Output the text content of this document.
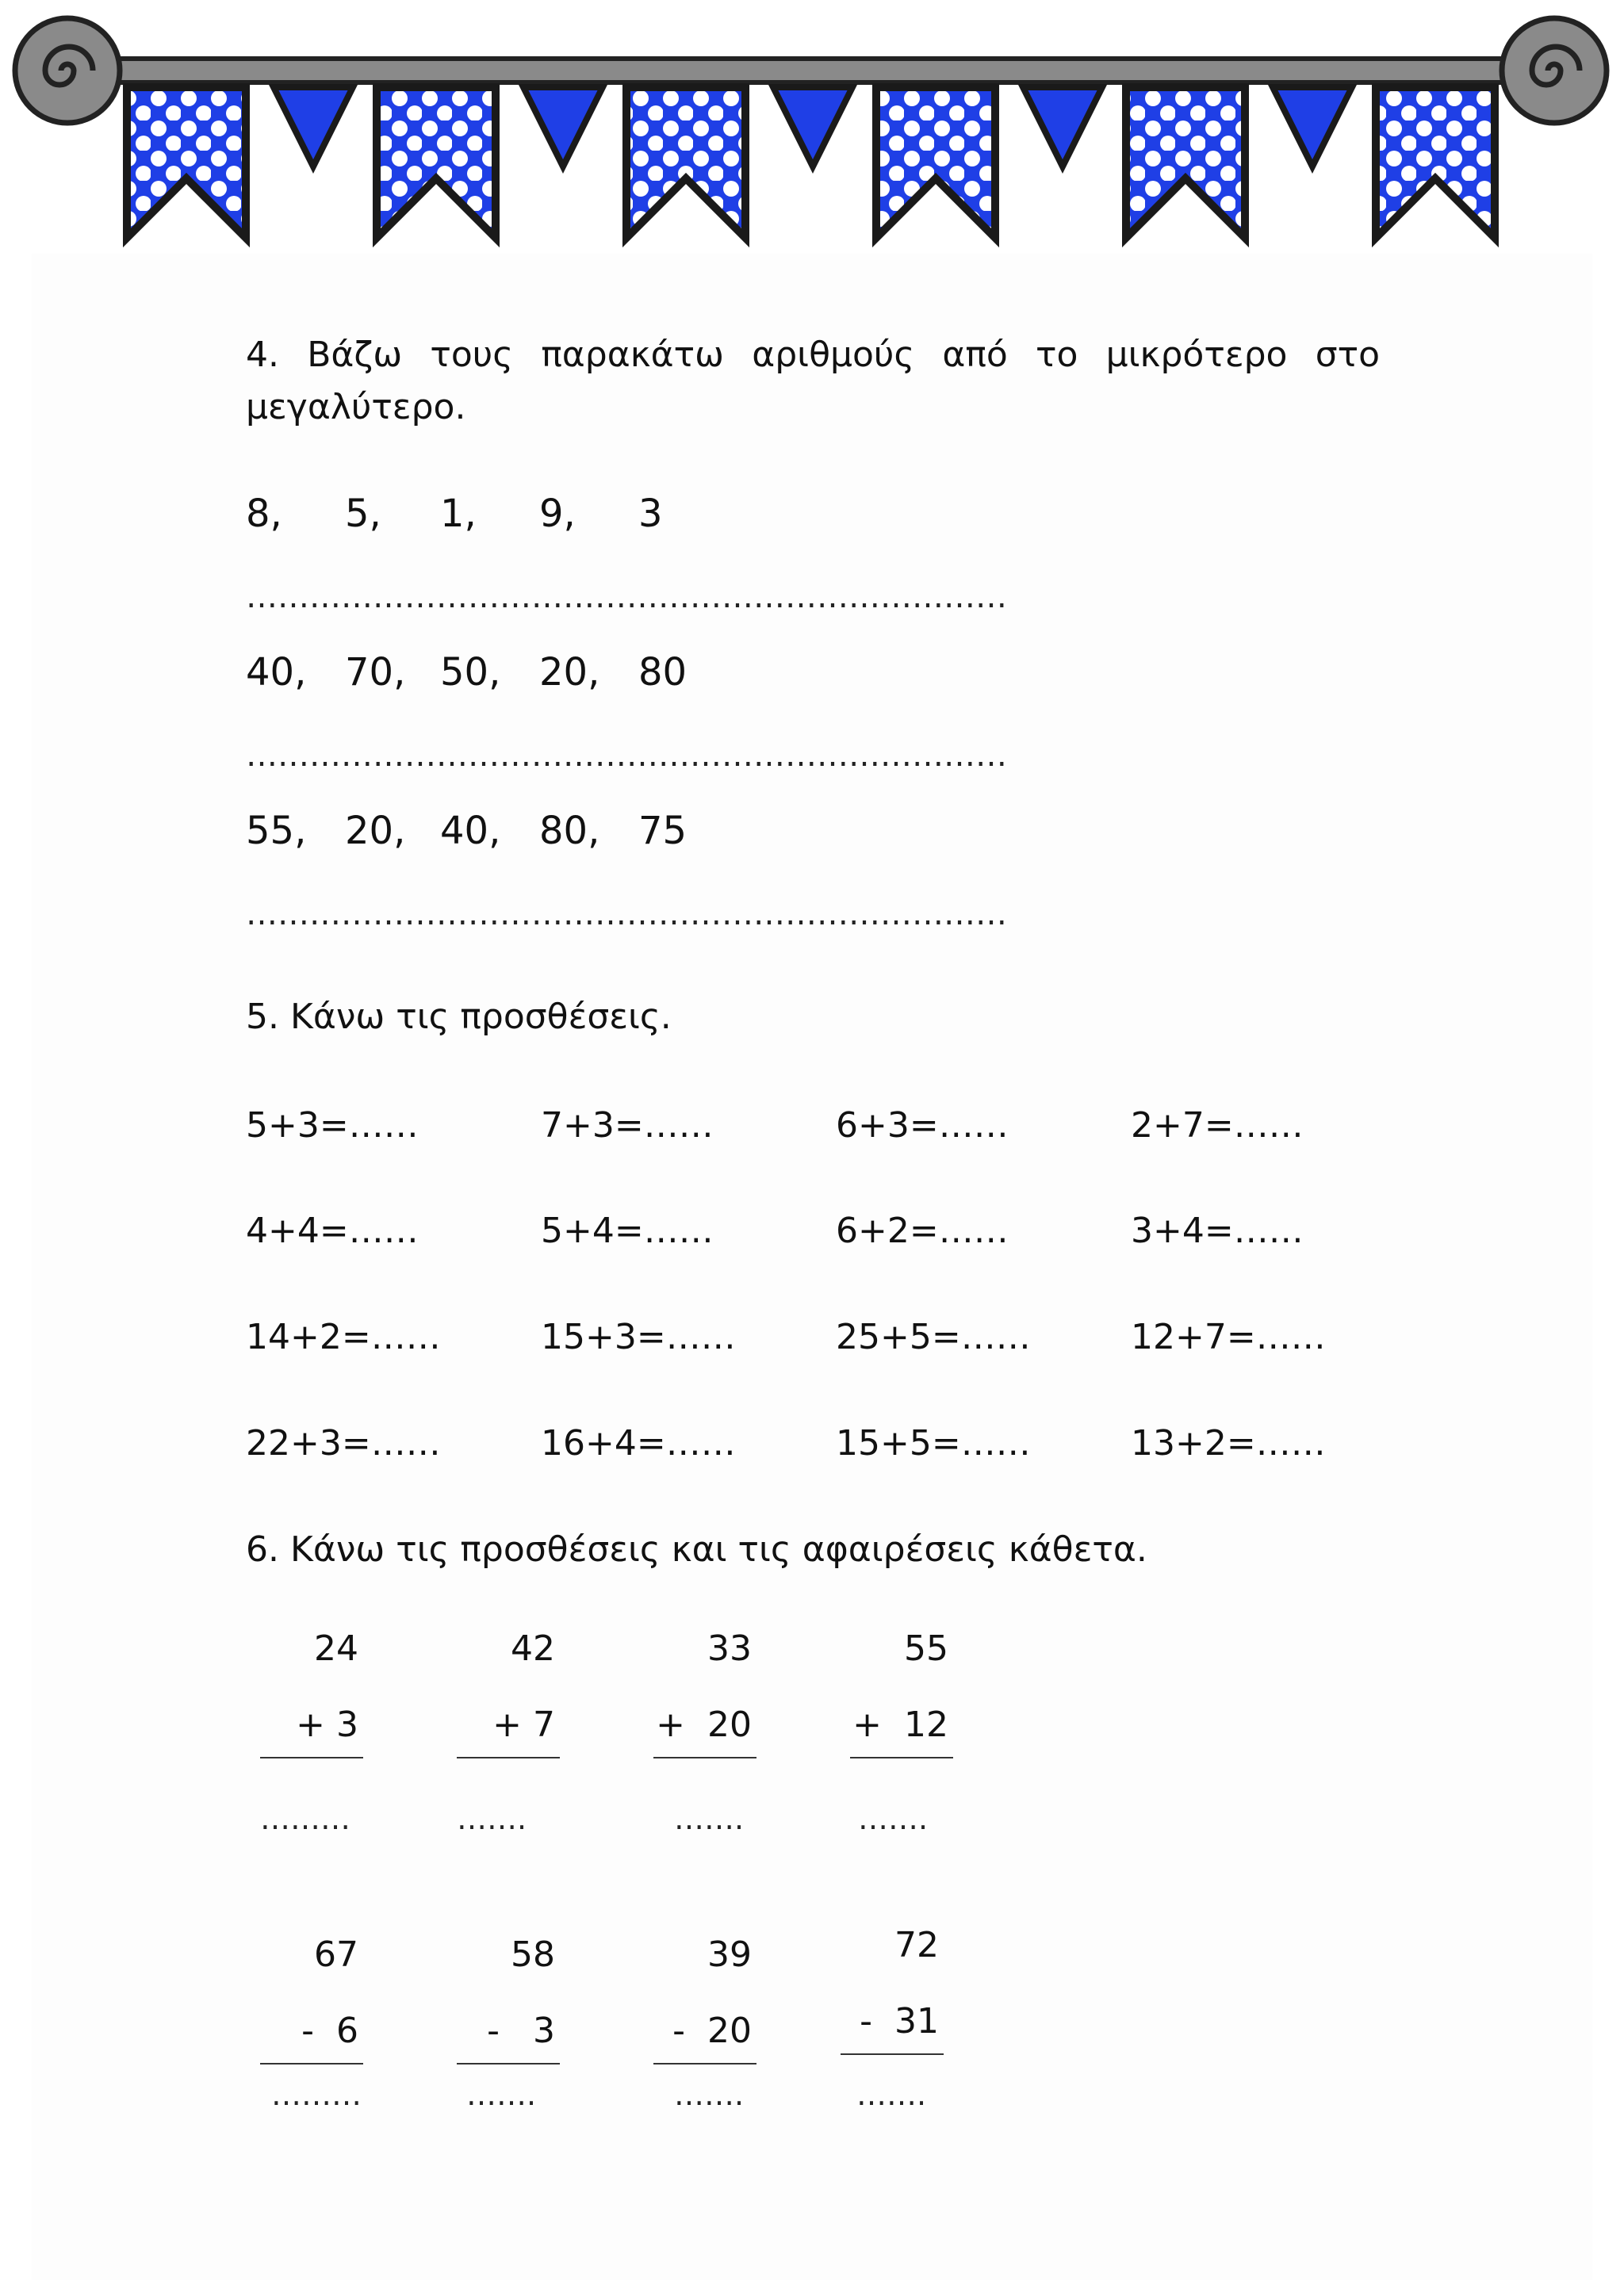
4. Βάζω τους παρακάτω αριθμούς από το μικρότερο στο μεγαλύτερο.
8, 5, 1, 9, 3
………………………………………………………………
40, 70, 50, 20, 80
………………………………………………………………
55, 20, 40, 80, 75
………………………………………………………………
5. Κάνω τις προσθέσεις.
5+3=……	7+3=……	6+3=……	2+7=……
4+4=……	5+4=……	6+2=……	3+4=……
14+2=……	15+3=……	25+5=……	12+7=……
22+3=……	16+4=……	15+5=……	13+2=……
6. Κάνω τις προσθέσεις και τις αφαιρέσεις κάθετα.
24
+ 3
………
42
+ 7
…….
33
+  20
…….
55
+  12
…….
67
-  6
………
58
-   3
…….
39
-  20
…….
72
-  31
…….
